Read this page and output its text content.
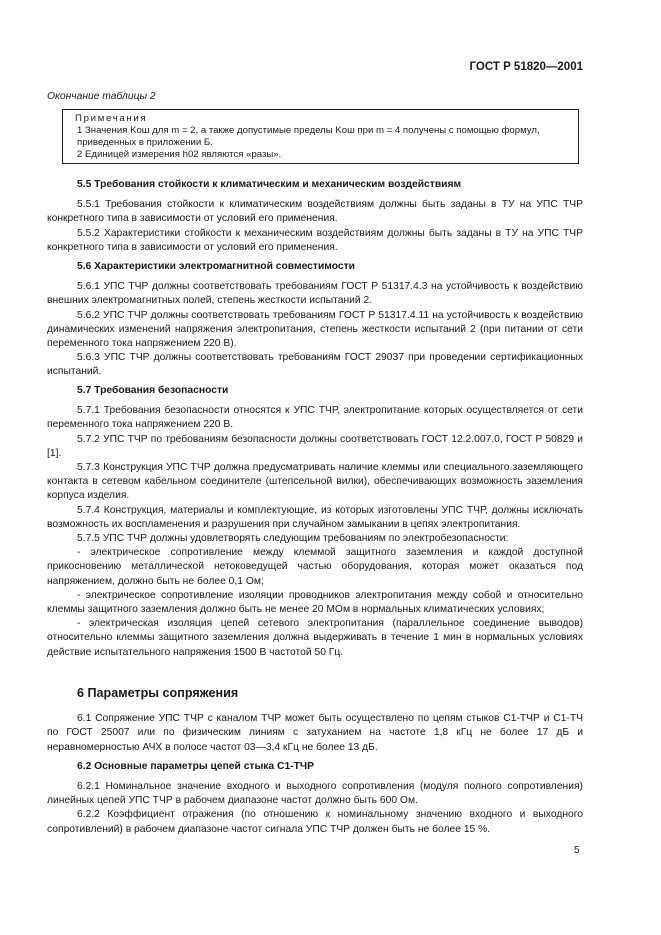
ГОСТ Р 51820—2001
Окончание таблицы 2
Примечания
1 Значения Kош для m = 2, а также допустимые пределы Kош при m = 4 получены с помощью формул, приведенных в приложении Б.
2 Единицей измерения h02 являются «разы».

5.5 Требования стойкости к климатическим и механическим воздействиям

5.5.1 Требования стойкости к климатическим воздействиям должны быть заданы в ТУ на УПС ТЧР конкретного типа в зависимости от условий его применения.

5.5.2 Характеристики стойкости к механическим воздействиям должны быть заданы в ТУ на УПС ТЧР конкретного типа в зависимости от условий его применения.

5.6 Характеристики электромагнитной совместимости

5.6.1 УПС ТЧР должны соответствовать требованиям ГОСТ Р 51317.4.3 на устойчивость к воздействию внешних электромагнитных полей, степень жесткости испытаний 2.

5.6.2 УПС ТЧР должны соответствовать требованиям ГОСТ Р 51317.4.11 на устойчивость к воздействию динамических изменений напряжения электропитания, степень жесткости испытаний 2 (при питании от сети переменного тока напряжением 220 В).

5.6.3 УПС ТЧР должны соответствовать требованиям ГОСТ 29037 при проведении сертификационных испытаний.

5.7 Требования безопасности

5.7.1 Требования безопасности относятся к УПС ТЧР, электропитание которых осуществляется от сети переменного тока напряжением 220 В.

5.7.2 УПС ТЧР по требованиям безопасности должны соответствовать ГОСТ 12.2.007.0, ГОСТ Р 50829 и [1].

5.7.3 Конструкция УПС ТЧР должна предусматривать наличие клеммы или специального заземляющего контакта в сетевом кабельном соединителе (штепсельной вилки), обеспечивающих возможность заземления корпуса изделия.

5.7.4 Конструкция, материалы и комплектующие, из которых изготовлены УПС ТЧР, должны исключать возможность их воспламенения и разрушения при случайном замыкании в цепях электропитания.

5.7.5 УПС ТЧР должны удовлетворять следующим требованиям по электробезопасности:

- электрическое сопротивление между клеммой защитного заземления и каждой доступной прикосновению металлической нетоковедущей частью оборудования, которая может оказаться под напряжением, должно быть не более 0,1 Ом;

- электрическое сопротивление изоляции проводников электропитания между собой и относительно клеммы защитного заземления должно быть не менее 20 МОм в нормальных климатических условиях;

- электрическая изоляция цепей сетевого электропитания (параллельное соединение выводов) относительно клеммы защитного заземления должна выдерживать в течение 1 мин в нормальных условиях действие испытательного напряжения 1500 В частотой 50 Гц.

6 Параметры сопряжения

6.1 Сопряжение УПС ТЧР с каналом ТЧР может быть осуществлено по цепям стыков С1-ТЧР и С1-ТЧ по ГОСТ 25007 или по физическим линиям с затуханием на частоте 1,8 кГц не более 17 дБ и неравномерностью АЧХ в полосе частот 03—3,4 кГц не более 13 дБ.

6.2 Основные параметры цепей стыка С1-ТЧР

6.2.1 Номинальное значение входного и выходного сопротивления (модуля полного сопротивления) линейных цепей УПС ТЧР в рабочем диапазоне частот должно быть 600 Ом.

6.2.2 Коэффициент отражения (по отношению к номинальному значению входного и выходного сопротивлений) в рабочем диапазоне частот сигнала УПС ТЧР должен быть не более 15 %.

5
